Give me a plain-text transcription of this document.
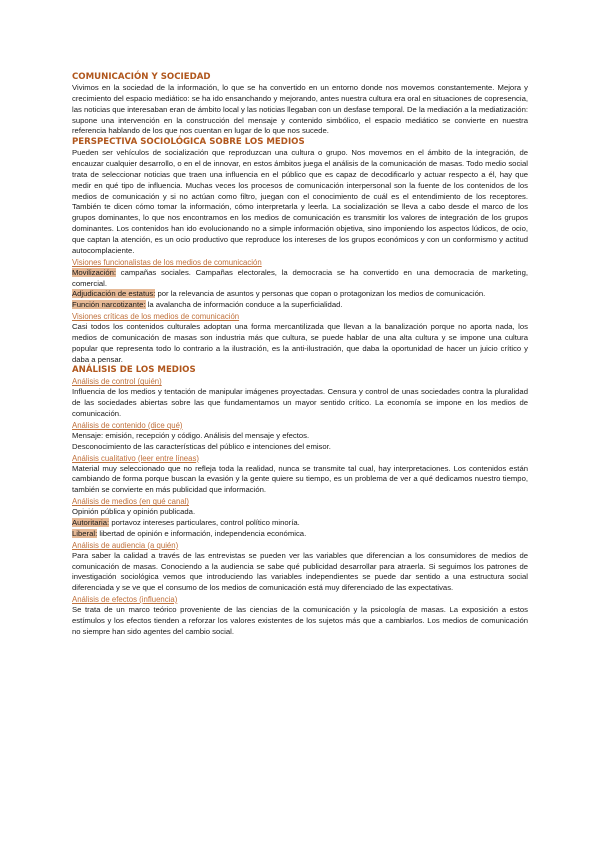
COMUNICACIÓN Y SOCIEDAD

Vivimos en la sociedad de la información, lo que se ha convertido en un entorno donde nos movemos constantemente. Mejora y crecimiento del espacio mediático: se ha ido ensanchando y mejorando, antes nuestra cultura era oral en situaciones de copresencia, las noticias que interesaban eran de ámbito local y las noticias llegaban con un desfase temporal. De la mediación a la mediatización: supone una intervención en la construcción del mensaje y contenido simbólico, el espacio mediático se convierte en nuestra referencia hablando de los que nos cuentan en lugar de lo que nos sucede.

PERSPECTIVA SOCIOLÓGICA SOBRE LOS MEDIOS

Pueden ser vehículos de socialización que reproduzcan una cultura o grupo. Nos movemos en el ámbito de la integración, de encauzar cualquier desarrollo, o en el de innovar, en estos ámbitos juega el análisis de la comunicación de masas. Todo medio social trata de seleccionar noticias que traen una influencia en el público que es capaz de decodificarlo y actuar respecto a él, hay que medir en qué tipo de influencia. Muchas veces los procesos de comunicación interpersonal son la fuente de los contenidos de los medios de comunicación y si no actúan como filtro, juegan con el conocimiento de cuál es el entendimiento de los receptores. También te dicen cómo tomar la información, cómo interpretarla y leerla. La socialización se lleva a cabo desde el marco de los grupos dominantes, lo que nos encontramos en los medios de comunicación es transmitir los valores de integración de los grupos dominantes. Los contenidos han ido evolucionando no a simple información objetiva, sino imponiendo los aspectos lúdicos, de ocio, que captan la atención, es un ocio productivo que reproduce los intereses de los grupos económicos y con un conformismo y actitud autocomplaciente.

Visiones funcionalistas de los medios de comunicación

Movilización: campañas sociales. Campañas electorales, la democracia se ha convertido en una democracia de marketing, comercial.

Adjudicación de estatus: por la relevancia de asuntos y personas que copan o protagonizan los medios de comunicación.

Función narcotizante: la avalancha de información conduce a la superficialidad.

Visiones críticas de los medios de comunicación

Casi todos los contenidos culturales adoptan una forma mercantilizada que llevan a la banalización porque no aporta nada, los medios de comunicación de masas son industria más que cultura, se puede hablar de una alta cultura y se impone una cultura popular que representa todo lo contrario a la ilustración, es la anti-ilustración, que daba la oportunidad de hacer un juicio crítico y daba a pensar.

ANÁLISIS DE LOS MEDIOS
Análisis de control (quién)

Influencia de los medios y tentación de manipular imágenes proyectadas. Censura y control de unas sociedades contra la pluralidad de las sociedades abiertas sobre las que fundamentamos un mayor sentido crítico. La economía se impone en los medios de comunicación.

Análisis de contenido (dice qué)

Mensaje: emisión, recepción y código. Análisis del mensaje y efectos.

Desconocimiento de las características del público e intenciones del emisor.

Análisis cualitativo (leer entre líneas)

Material muy seleccionado que no refleja toda la realidad, nunca se transmite tal cual, hay interpretaciones. Los contenidos están cambiando de forma porque buscan la evasión y la gente quiere su tiempo, es un problema de ver a qué dedicamos nuestro tiempo, también se convierte en más publicidad que información.

Análisis de medios (en qué canal)

Opinión pública y opinión publicada.

Autoritaria: portavoz intereses particulares, control político minoría.

Liberal: libertad de opinión e información, independencia económica.

Análisis de audiencia (a quién)

Para saber la calidad a través de las entrevistas se pueden ver las variables que diferencian a los consumidores de medios de comunicación de masas. Conociendo a la audiencia se sabe qué publicidad desarrollar para atraerla. Si seguimos los patrones de investigación sociológica vemos que introduciendo las variables independientes se puede dar sentido a una estructura social diferenciada y se ve que el consumo de los medios de comunicación está muy diferenciado de las expectativas.

Análisis de efectos (influencia)

Se trata de un marco teórico proveniente de las ciencias de la comunicación y la psicología de masas. La exposición a estos estímulos y los efectos tienden a reforzar los valores existentes de los sujetos más que a cambiarlos. Los medios de comunicación no siempre han sido agentes del cambio social.
